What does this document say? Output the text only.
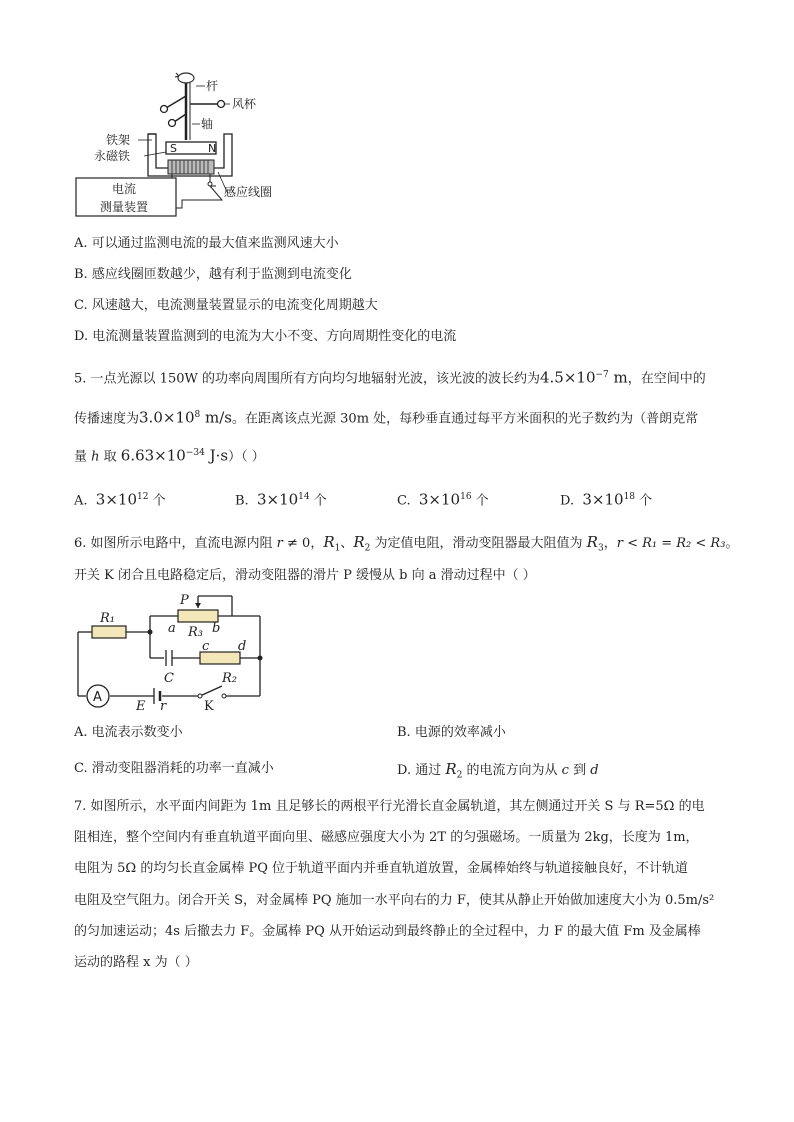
杆
风杯
轴
铁架
永磁铁
S	N
感应线圈
电流
测量装置
A. 可以通过监测电流的最大值来监测风速大小
B. 感应线圈匝数越少，越有利于监测到电流变化
C. 风速越大，电流测量装置显示的电流变化周期越大
D. 电流测量装置监测到的电流为大小不变、方向周期性变化的电流
5. 一点光源以 150W 的功率向周围所有方向均匀地辐射光波，该光波的波长约为$4.5\times 10^{-7}$ m，在空间中的
传播速度为$3.0\times 10^8$ m/s。在距离该点光源 30m 处，每秒垂直通过每平方米面积的光子数约为（普朗克常
量 h 取 $6.63\times 10^{-34}$ J·s）（ ）
A. $3\times 10^{12}$ 个	B. $3\times 10^{14}$ 个	C. $3\times 10^{16}$ 个	D. $3\times 10^{18}$ 个
6. 如图所示电路中，直流电源内阻 r ≠ 0，$R_1$、$R_2$ 为定值电阻，滑动变阻器最大阻值为 $R_3$，r < R₁ = R₂ < R₃。
开关 K 闭合且电路稳定后，滑动变阻器的滑片 P 缓慢从 b 向 a 滑动过程中（ ）
A
P
R₁
a R₃ b
c d
C	R₂
E r	K
A. 电流表示数变小	B. 电源的效率减小
C. 滑动变阻器消耗的功率一直减小	D. 通过 $R_2$ 的电流方向为从 c 到 d
7. 如图所示，水平面内间距为 1m 且足够长的两根平行光滑长直金属轨道，其左侧通过开关 S 与 R=5Ω 的电
阻相连，整个空间内有垂直轨道平面向里、磁感应强度大小为 2T 的匀强磁场。一质量为 2kg，长度为 1m，
电阻为 5Ω 的均匀长直金属棒 PQ 位于轨道平面内并垂直轨道放置，金属棒始终与轨道接触良好，不计轨道
电阻及空气阻力。闭合开关 S，对金属棒 PQ 施加一水平向右的力 F，使其从静止开始做加速度大小为 0.5m/s²
的匀加速运动；4s 后撤去力 F。金属棒 PQ 从开始运动到最终静止的全过程中，力 F 的最大值 Fm 及金属棒
运动的路程 x 为（ ）
